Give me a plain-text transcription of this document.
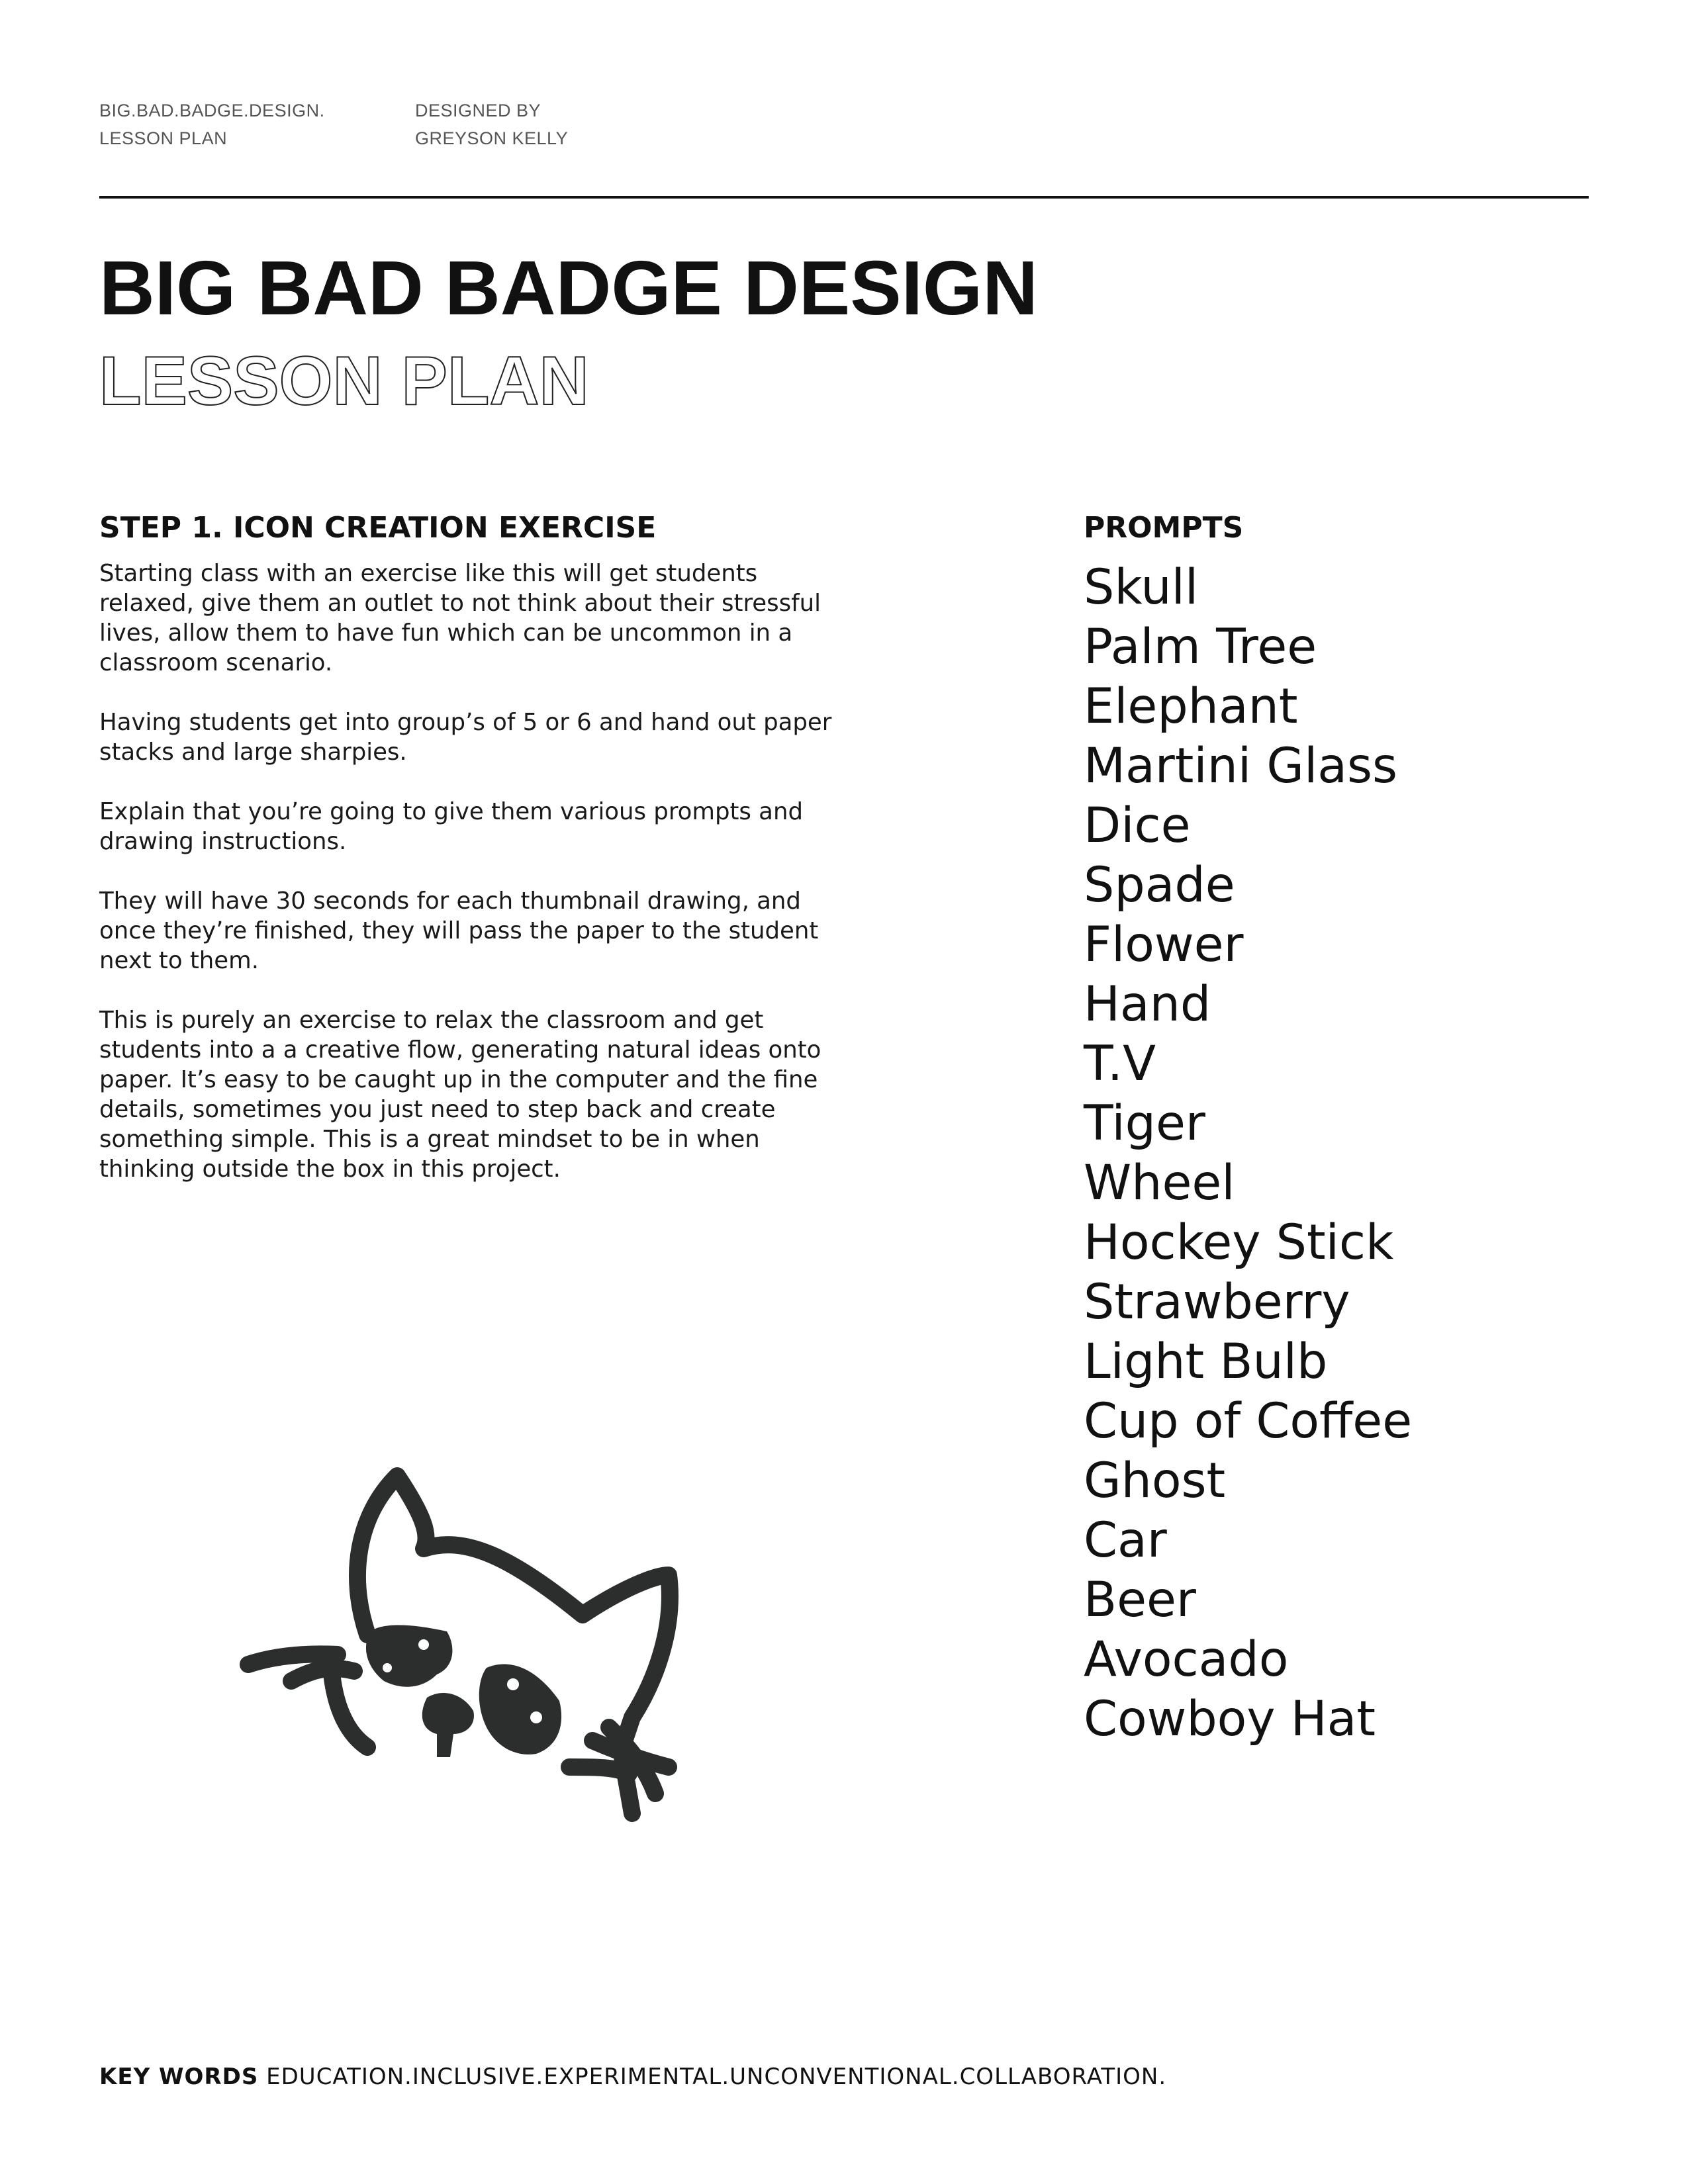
BIG.BAD.BADGE.DESIGN.
LESSON PLAN
DESIGNED BY
GREYSON KELLY
BIG BAD BADGE DESIGN
LESSON PLAN
STEP 1. ICON CREATION EXERCISE

Starting class with an exercise like this will get students relaxed, give them an outlet to not think about their stressful lives, allow them to have fun which can be uncommon in a classroom scenario.

Having students get into group’s of 5 or 6 and hand out paper stacks and large sharpies.

Explain that you’re going to give them various prompts and drawing instructions.

They will have 30 seconds for each thumbnail drawing, and once they’re finished, they will pass the paper to the student next to them.

This is purely an exercise to relax the classroom and get students into a a creative flow, generating natural ideas onto paper. It’s easy to be caught up in the computer and the fine details, sometimes you just need to step back and create something simple. This is a great mindset to be in when thinking outside the box in this project.

PROMPTS
Skull
Palm Tree
Elephant
Martini Glass
Dice
Spade
Flower
Hand
T.V
Tiger
Wheel
Hockey Stick
Strawberry
Light Bulb
Cup of Coffee
Ghost
Car
Beer
Avocado
Cowboy Hat
KEY WORDS EDUCATION.INCLUSIVE.EXPERIMENTAL.UNCONVENTIONAL.COLLABORATION.
